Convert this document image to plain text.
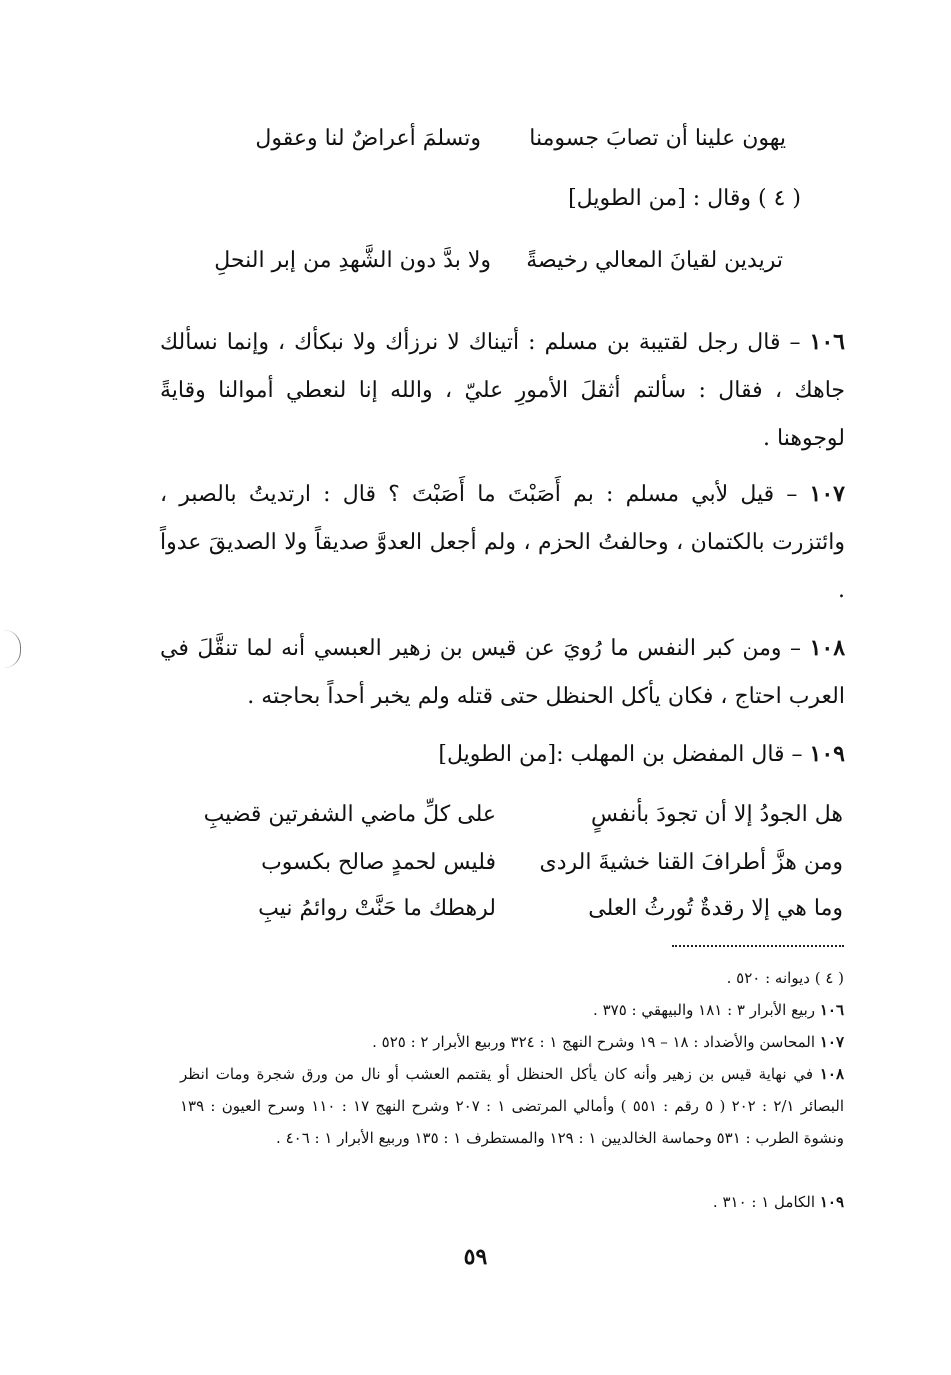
يهون علينا أن تصابَ جسومنا
وتسلمَ أعراضٌ لنا وعقول
( ٤ ) وقال : [من الطويل]
تريدين لقيانَ المعالي رخيصةً
ولا بدَّ دون الشَّهدِ من إبر النحلِ
١٠٦ – قال رجل لقتيبة بن مسلم : أتيناك لا نرزأك ولا نبكأك ، وإنما نسألك جاهك ، فقال : سألتم أثقلَ الأمورِ عليّ ، والله إنا لنعطي أموالنا وقايةً لوجوهنا .
١٠٧ – قيل لأبي مسلم : بم أَصَبْتَ ما أَصَبْتَ ؟ قال : ارتديتُ بالصبر ، وائتزرت بالكتمان ، وحالفتُ الحزم ، ولم أجعل العدوَّ صديقاً ولا الصديقَ عدواً .
١٠٨ – ومن كبر النفس ما رُويَ عن قيس بن زهير العبسي أنه لما تنقَّلَ في العرب احتاج ، فكان يأكل الحنظل حتى قتله ولم يخبر أحداً بحاجته .
١٠٩ – قال المفضل بن المهلب :[من الطويل]
هل الجودُ إلا أن تجودَ بأنفسٍ
على كلِّ ماضي الشفرتين قضيبِ
ومن هزَّ أطرافَ القنا خشيةَ الردى
فليس لحمدٍ صالح بكسوب
وما هي إلا رقدةٌ تُورثُ العلى
لرهطك ما حَنَّتْ روائمُ نيبِ
( ٤ ) ديوانه : ٥٢٠ .
١٠٦ ربيع الأبرار ٣ : ١٨١ والبيهقي : ٣٧٥ .
١٠٧ المحاسن والأضداد : ١٨ – ١٩ وشرح النهج ١ : ٣٢٤ وربيع الأبرار ٢ : ٥٢٥ .
١٠٨ في نهاية قيس بن زهير وأنه كان يأكل الحنظل أو يقتمم العشب أو نال من ورق شجرة ومات انظر البصائر ٢/١ : ٢٠٢ ( ٥ رقم : ٥٥١ ) وأمالي المرتضى ١ : ٢٠٧ وشرح النهج ١٧ : ١١٠ وسرح العيون : ١٣٩ ونشوة الطرب : ٥٣١ وحماسة الخالديين ١ : ١٢٩ والمستطرف ١ : ١٣٥ وربيع الأبرار ١ : ٤٠٦ .
١٠٩ الكامل ١ : ٣١٠ .
٥٩
